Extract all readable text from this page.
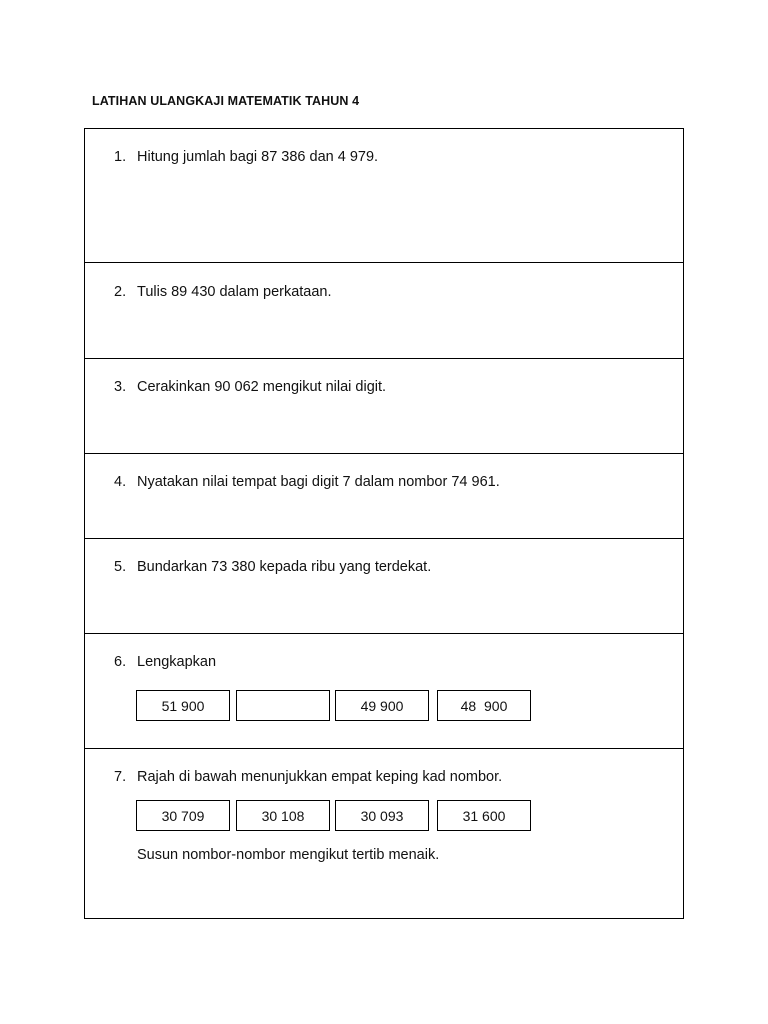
LATIHAN ULANGKAJI MATEMATIK TAHUN 4
1. Hitung jumlah bagi 87 386 dan 4 979.
2. Tulis 89 430 dalam perkataan.
3. Cerakinkan 90 062 mengikut nilai digit.
4. Nyatakan nilai tempat bagi digit 7 dalam nombor 74 961.
5. Bundarkan 73 380 kepada ribu yang terdekat.
6. Lengkapkan
51 900	49 900	48  900
7. Rajah di bawah menunjukkan empat keping kad nombor.
30 709	30 108	30 093	31 600
Susun nombor-nombor mengikut tertib menaik.
